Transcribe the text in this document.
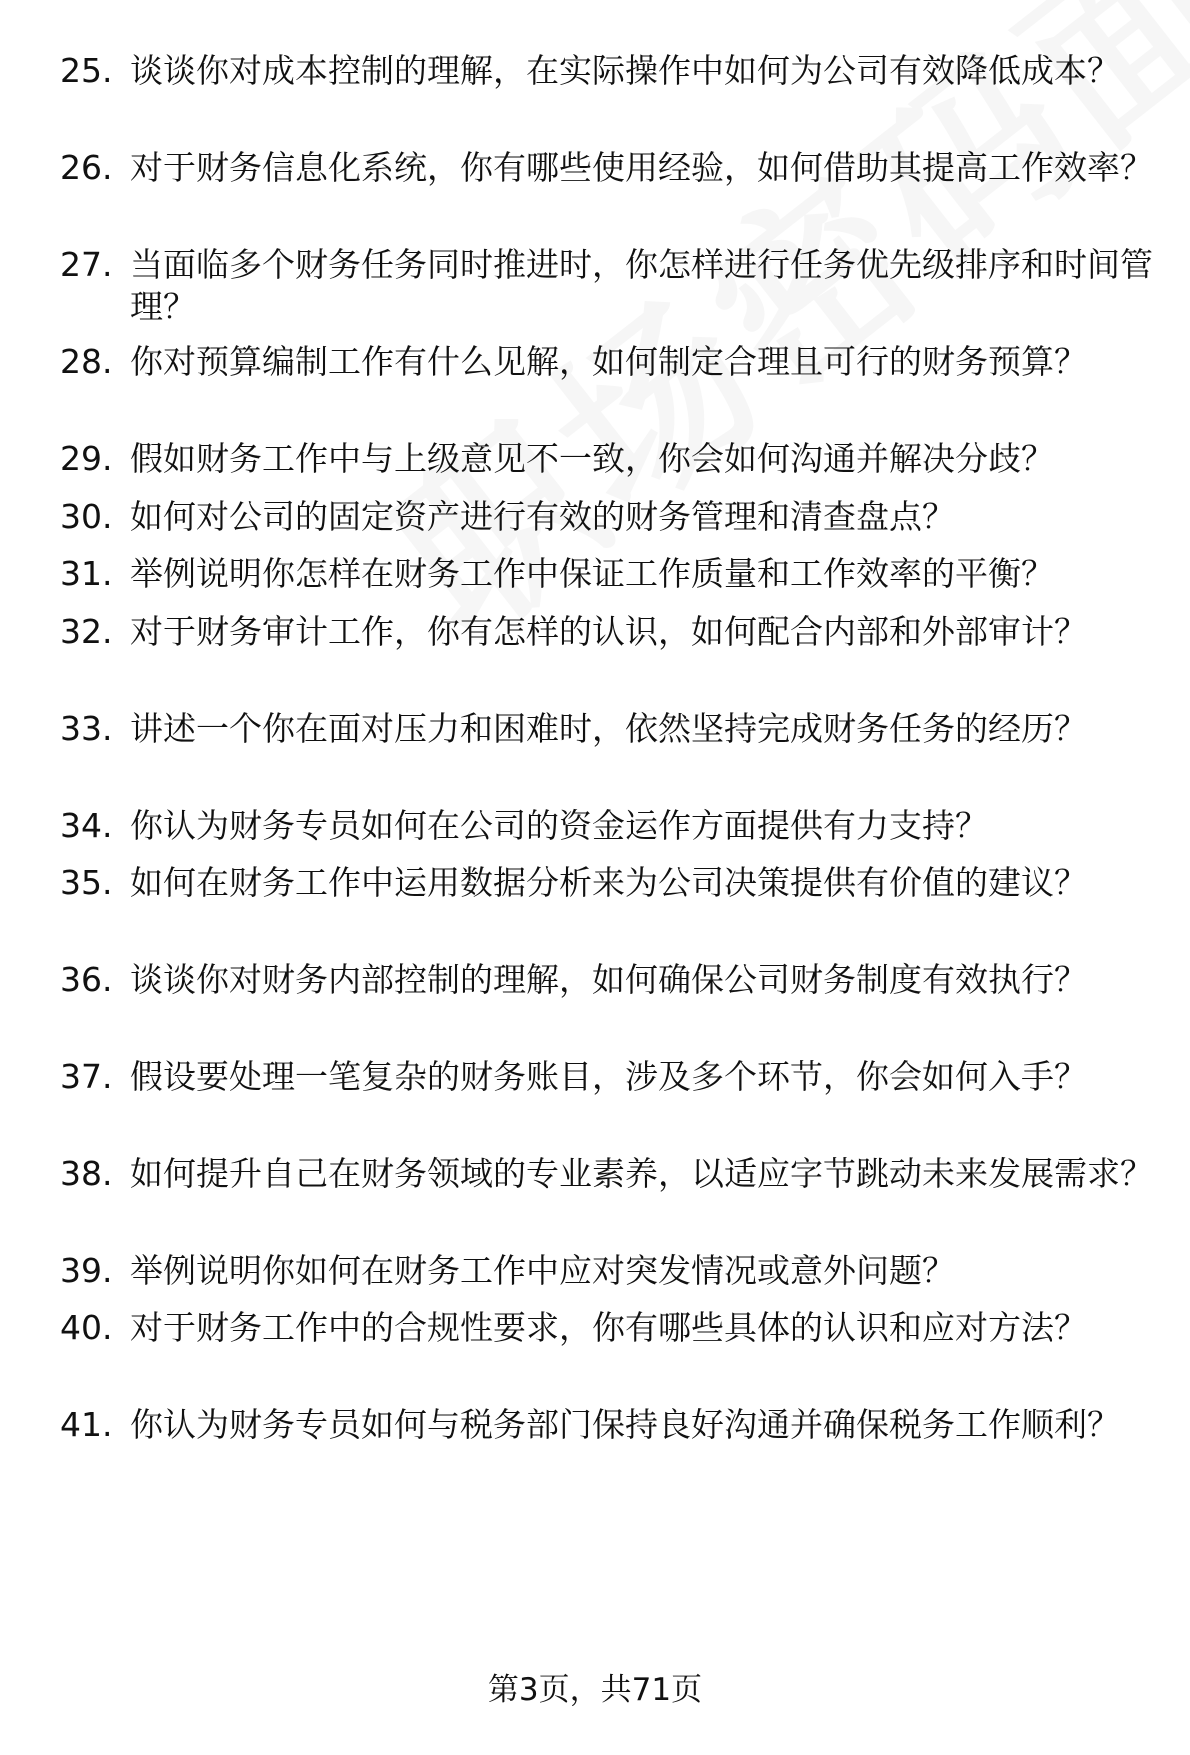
25. 谈谈你对成本控制的理解，在实际操作中如何为公司有效降低成本？
26. 对于财务信息化系统，你有哪些使用经验，如何借助其提高工作效率？
27. 当面临多个财务任务同时推进时，你怎样进行任务优先级排序和时间管理？
28. 你对预算编制工作有什么见解，如何制定合理且可行的财务预算？
29. 假如财务工作中与上级意见不一致，你会如何沟通并解决分歧？
30. 如何对公司的固定资产进行有效的财务管理和清查盘点？
31. 举例说明你怎样在财务工作中保证工作质量和工作效率的平衡？
32. 对于财务审计工作，你有怎样的认识，如何配合内部和外部审计？
33. 讲述一个你在面对压力和困难时，依然坚持完成财务任务的经历？
34. 你认为财务专员如何在公司的资金运作方面提供有力支持？
35. 如何在财务工作中运用数据分析来为公司决策提供有价值的建议？
36. 谈谈你对财务内部控制的理解，如何确保公司财务制度有效执行？
37. 假设要处理一笔复杂的财务账目，涉及多个环节，你会如何入手？
38. 如何提升自己在财务领域的专业素养，以适应字节跳动未来发展需求？
39. 举例说明你如何在财务工作中应对突发情况或意外问题？
40. 对于财务工作中的合规性要求，你有哪些具体的认识和应对方法？
41. 你认为财务专员如何与税务部门保持良好沟通并确保税务工作顺利？
第3页，共71页
